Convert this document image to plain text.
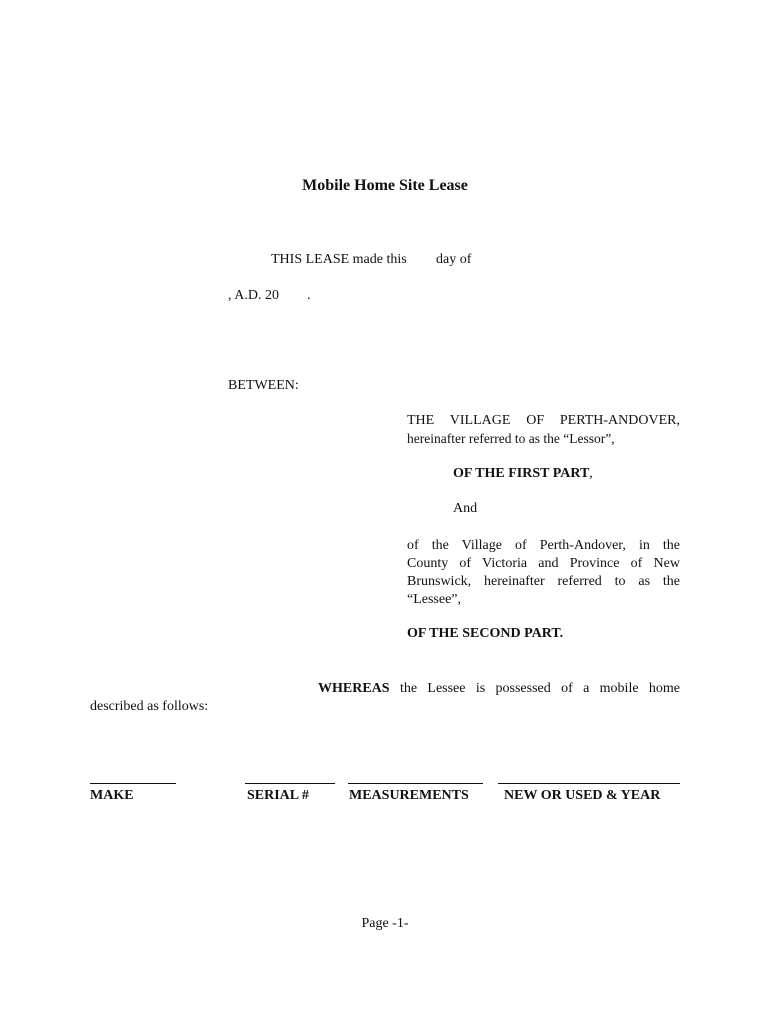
Mobile Home Site Lease
THIS LEASE made this day of
, A.D. 20 .
BETWEEN:
THE VILLAGE OF PERTH-ANDOVER,
hereinafter referred to as the “Lessor”,
OF THE FIRST PART,
And
of the Village of Perth-Andover, in the
County of Victoria and Province of New
Brunswick, hereinafter referred to as the
“Lessee”,
OF THE SECOND PART.
WHEREAS the Lessee is possessed of a mobile home
described as follows:
MAKE	SERIAL #	MEASUREMENTS	NEW OR USED & YEAR
Page -1-
